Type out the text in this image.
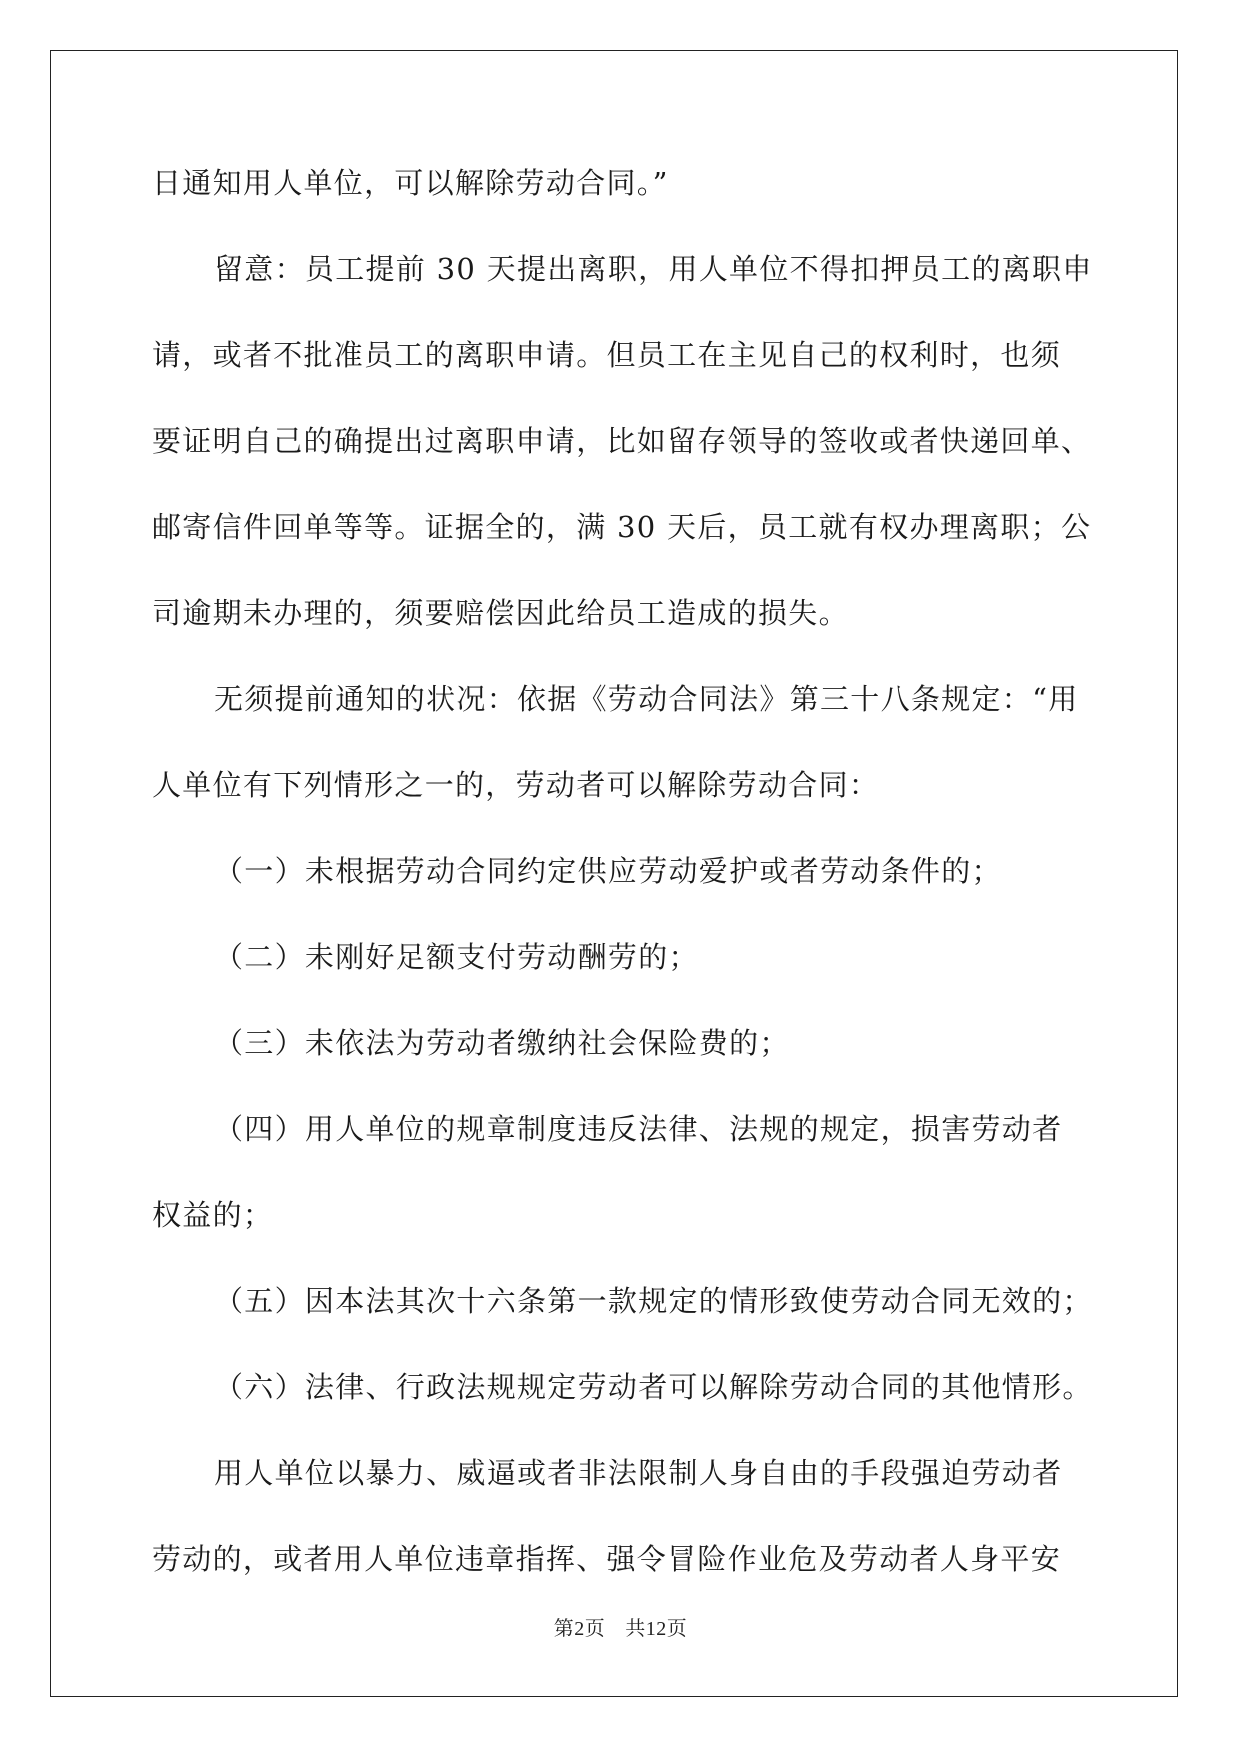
日通知用人单位，可以解除劳动合同。”
留意：员工提前 30 天提出离职，用人单位不得扣押员工的离职申
请，或者不批准员工的离职申请。但员工在主见自己的权利时，也须
要证明自己的确提出过离职申请，比如留存领导的签收或者快递回单、
邮寄信件回单等等。证据全的，满 30 天后，员工就有权办理离职；公
司逾期未办理的，须要赔偿因此给员工造成的损失。
无须提前通知的状况：依据《劳动合同法》第三十八条规定：“用
人单位有下列情形之一的，劳动者可以解除劳动合同：
（一）未根据劳动合同约定供应劳动爱护或者劳动条件的；
（二）未刚好足额支付劳动酬劳的；
（三）未依法为劳动者缴纳社会保险费的；
（四）用人单位的规章制度违反法律、法规的规定，损害劳动者
权益的；
（五）因本法其次十六条第一款规定的情形致使劳动合同无效的；
（六）法律、行政法规规定劳动者可以解除劳动合同的其他情形。
用人单位以暴力、威逼或者非法限制人身自由的手段强迫劳动者
劳动的，或者用人单位违章指挥、强令冒险作业危及劳动者人身平安
第2页 共12页
